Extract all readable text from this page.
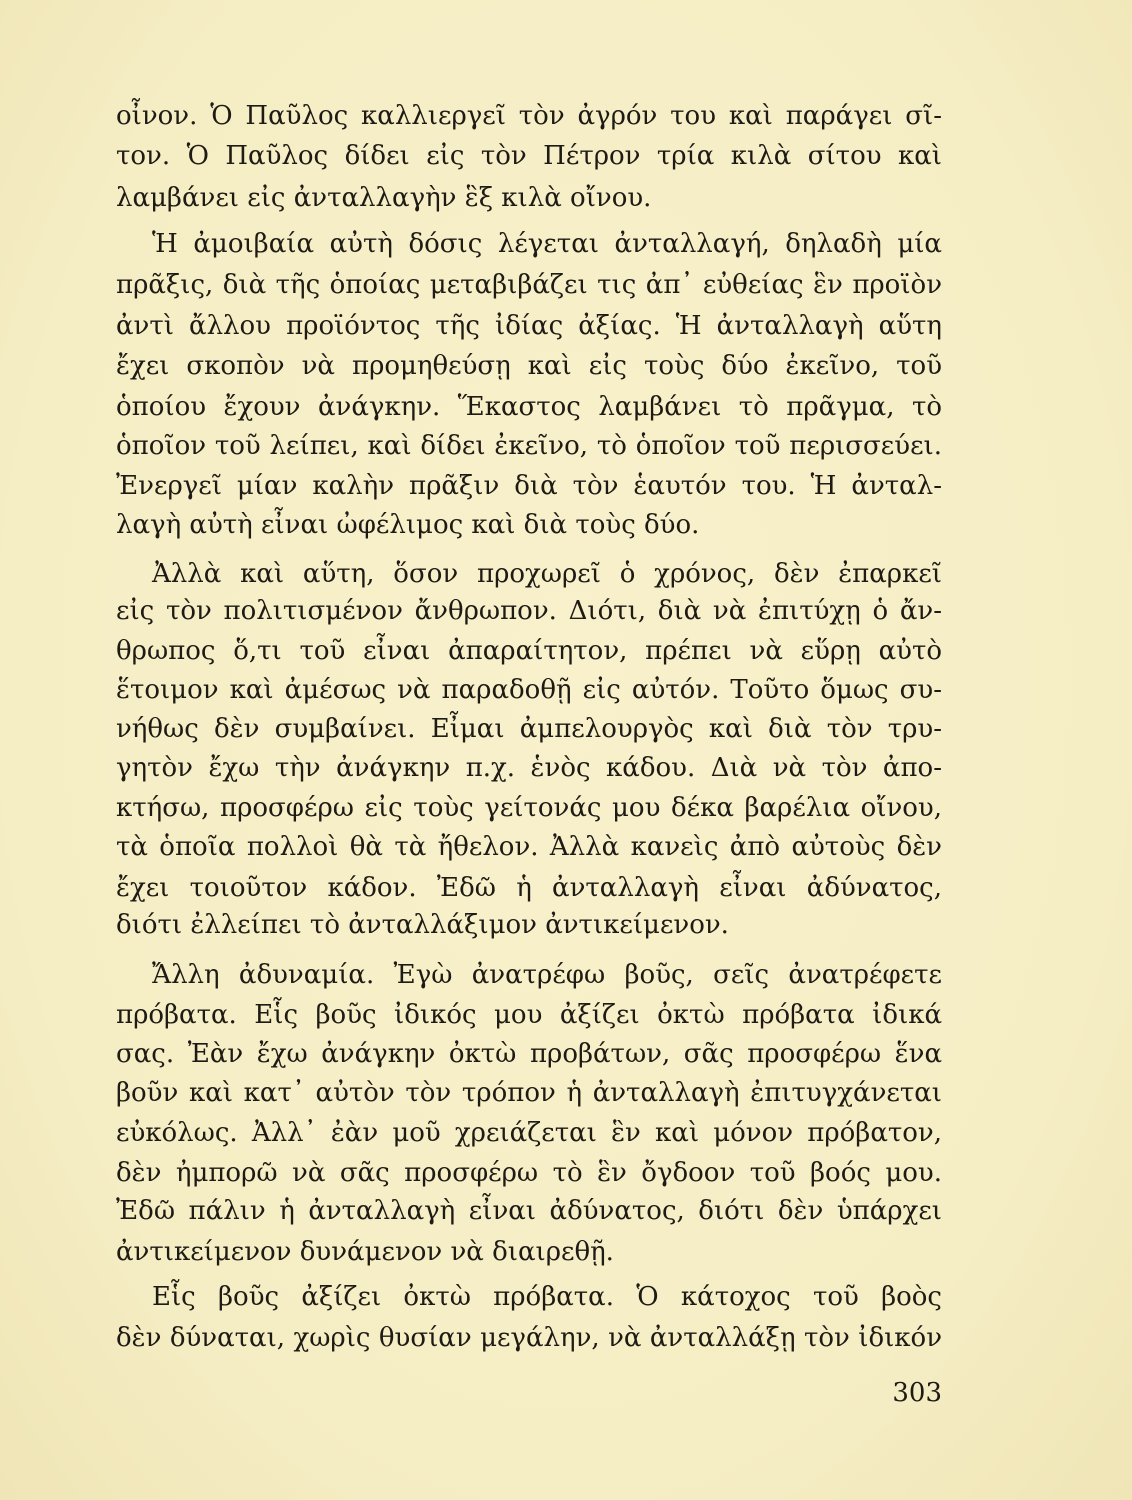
οἶνον. Ὁ Παῦλος καλλιεργεῖ τὸν ἀγρόν του καὶ παράγει σῖ-
τον. Ὁ Παῦλος δίδει εἰς τὸν Πέτρον τρία κιλὰ σίτου καὶ
λαμβάνει εἰς ἀνταλλαγὴν ἓξ κιλὰ οἴνου.
Ἡ ἀμοιβαία αὐτὴ δόσις λέγεται ἀνταλλαγή, δηλαδὴ μία
πρᾶξις, διὰ τῆς ὁποίας μεταβιβάζει τις ἀπ᾽ εὐθείας ἓν προϊὸν
ἀντὶ ἄλλου προϊόντος τῆς ἰδίας ἀξίας. Ἡ ἀνταλλαγὴ αὕτη
ἔχει σκοπὸν νὰ προμηθεύσῃ καὶ εἰς τοὺς δύο ἐκεῖνο, τοῦ
ὁποίου ἔχουν ἀνάγκην. Ἕκαστος λαμβάνει τὸ πρᾶγμα, τὸ
ὁποῖον τοῦ λείπει, καὶ δίδει ἐκεῖνο, τὸ ὁποῖον τοῦ περισσεύει.
Ἐνεργεῖ μίαν καλὴν πρᾶξιν διὰ τὸν ἑαυτόν του. Ἡ ἀνταλ-
λαγὴ αὐτὴ εἶναι ὠφέλιμος καὶ διὰ τοὺς δύο.
Ἀλλὰ καὶ αὕτη, ὅσον προχωρεῖ ὁ χρόνος, δὲν ἐπαρκεῖ
εἰς τὸν πολιτισμένον ἄνθρωπον. Διότι, διὰ νὰ ἐπιτύχῃ ὁ ἄν-
θρωπος ὅ,τι τοῦ εἶναι ἀπαραίτητον, πρέπει νὰ εὕρῃ αὐτὸ
ἕτοιμον καὶ ἀμέσως νὰ παραδοθῇ εἰς αὐτόν. Τοῦτο ὅμως συ-
νήθως δὲν συμβαίνει. Εἶμαι ἀμπελουργὸς καὶ διὰ τὸν τρυ-
γητὸν ἔχω τὴν ἀνάγκην π.χ. ἑνὸς κάδου. Διὰ νὰ τὸν ἀπο-
κτήσω, προσφέρω εἰς τοὺς γείτονάς μου δέκα βαρέλια οἴνου,
τὰ ὁποῖα πολλοὶ θὰ τὰ ἤθελον. Ἀλλὰ κανεὶς ἀπὸ αὐτοὺς δὲν
ἔχει τοιοῦτον κάδον. Ἐδῶ ἡ ἀνταλλαγὴ εἶναι ἀδύνατος,
διότι ἐλλείπει τὸ ἀνταλλάξιμον ἀντικείμενον.
Ἄλλη ἀδυναμία. Ἐγὼ ἀνατρέφω βοῦς, σεῖς ἀνατρέφετε
πρόβατα. Εἷς βοῦς ἰδικός μου ἀξίζει ὀκτὼ πρόβατα ἰδικά
σας. Ἐὰν ἔχω ἀνάγκην ὀκτὼ προβάτων, σᾶς προσφέρω ἕνα
βοῦν καὶ κατ᾽ αὐτὸν τὸν τρόπον ἡ ἀνταλλαγὴ ἐπιτυγχάνεται
εὐκόλως. Ἀλλ᾽ ἐὰν μοῦ χρειάζεται ἓν καὶ μόνον πρόβατον,
δὲν ἠμπορῶ νὰ σᾶς προσφέρω τὸ ἓν ὄγδοον τοῦ βοός μου.
Ἐδῶ πάλιν ἡ ἀνταλλαγὴ εἶναι ἀδύνατος, διότι δὲν ὑπάρχει
ἀντικείμενον δυνάμενον νὰ διαιρεθῇ.
Εἷς βοῦς ἀξίζει ὀκτὼ πρόβατα. Ὁ κάτοχος τοῦ βοὸς
δὲν δύναται, χωρὶς θυσίαν μεγάλην, νὰ ἀνταλλάξῃ τὸν ἰδικόν
303
